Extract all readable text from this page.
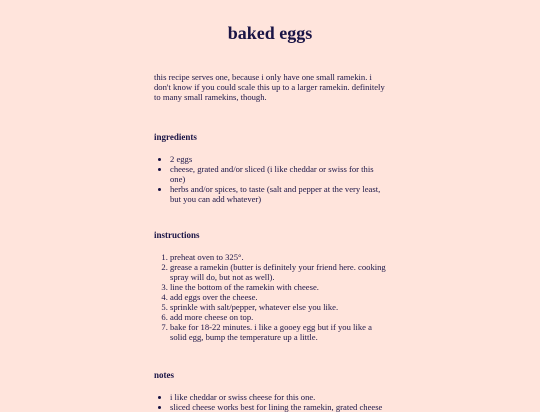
baked eggs

this recipe serves one, because i only have one small ramekin. i don't know if you could scale this up to a larger ramekin. definitely to many small ramekins, though.

ingredients
• 2 eggs
• cheese, grated and/or sliced (i like cheddar or swiss for this one)
• herbs and/or spices, to taste (salt and pepper at the very least, but you can add whatever)
instructions
1. preheat oven to 325°.
2. grease a ramekin (butter is definitely your friend here. cooking spray will do, but not as well).
3. line the bottom of the ramekin with cheese.
4. add eggs over the cheese.
5. sprinkle with salt/pepper, whatever else you like.
6. add more cheese on top.
7. bake for 18-22 minutes. i like a gooey egg but if you like a solid egg, bump the temperature up a little.
notes
• i like cheddar or swiss cheese for this one.
• sliced cheese works best for lining the ramekin, grated cheese
